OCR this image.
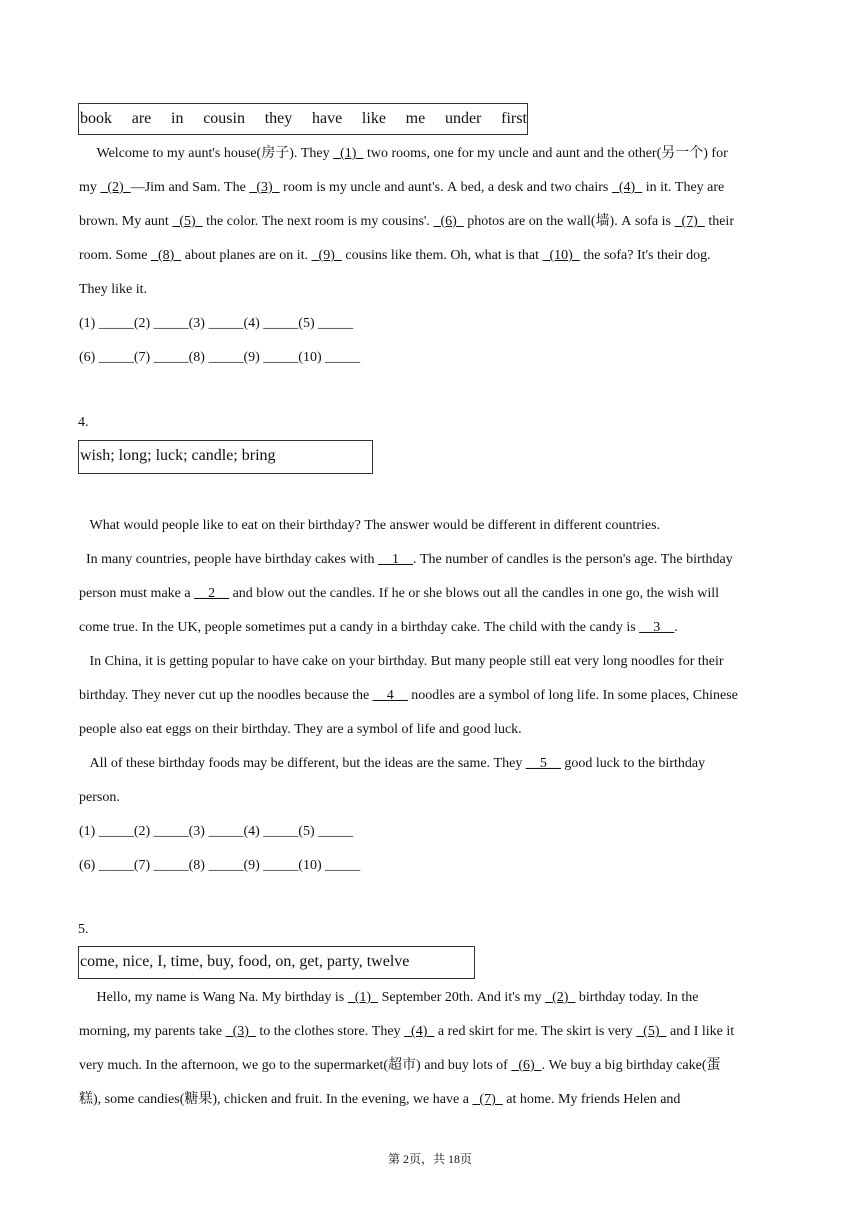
book are in cousin they have like me under first
Welcome to my aunt's house(房子). They   (1)   two rooms, one for my uncle and aunt and the other(另一个) for
my   (2)  —Jim and Sam. The   (3)   room is my uncle and aunt's. A bed, a desk and two chairs   (4)   in it. They are
brown. My aunt   (5)   the color. The next room is my cousins'.   (6)   photos are on the wall(墙). A sofa is   (7)   their
room. Some   (8)   about planes are on it.   (9)   cousins like them. Oh, what is that   (10)   the sofa? It's their dog.
They like it.
(1) _____(2) _____(3) _____(4) _____(5) _____
(6) _____(7) _____(8) _____(9) _____(10) _____
4.
wish; long; luck; candle; bring
What would people like to eat on their birthday? The answer would be different in different countries.
In many countries, people have birthday cakes with __1__. The number of candles is the person's age. The birthday
person must make a __2__ and blow out the candles. If he or she blows out all the candles in one go, the wish will
come true. In the UK, people sometimes put a candy in a birthday cake. The child with the candy is __3__.
In China, it is getting popular to have cake on your birthday. But many people still eat very long noodles for their
birthday. They never cut up the noodles because the __4__ noodles are a symbol of long life. In some places, Chinese
people also eat eggs on their birthday. They are a symbol of life and good luck.
All of these birthday foods may be different, but the ideas are the same. They __5__ good luck to the birthday
person.
(1) _____(2) _____(3) _____(4) _____(5) _____
(6) _____(7) _____(8) _____(9) _____(10) _____
5.
come, nice, I, time, buy, food, on, get, party, twelve
Hello, my name is Wang Na. My birthday is   (1)   September 20th. And it's my   (2)   birthday today. In the
morning, my parents take   (3)   to the clothes store. They   (4)   a red skirt for me. The skirt is very   (5)   and I like it
very much. In the afternoon, we go to the supermarket(超市) and buy lots of   (6)  . We buy a big birthday cake(蛋
糕), some candies(糖果), chicken and fruit. In the evening, we have a   (7)   at home. My friends Helen and
第 2页，共 18页
